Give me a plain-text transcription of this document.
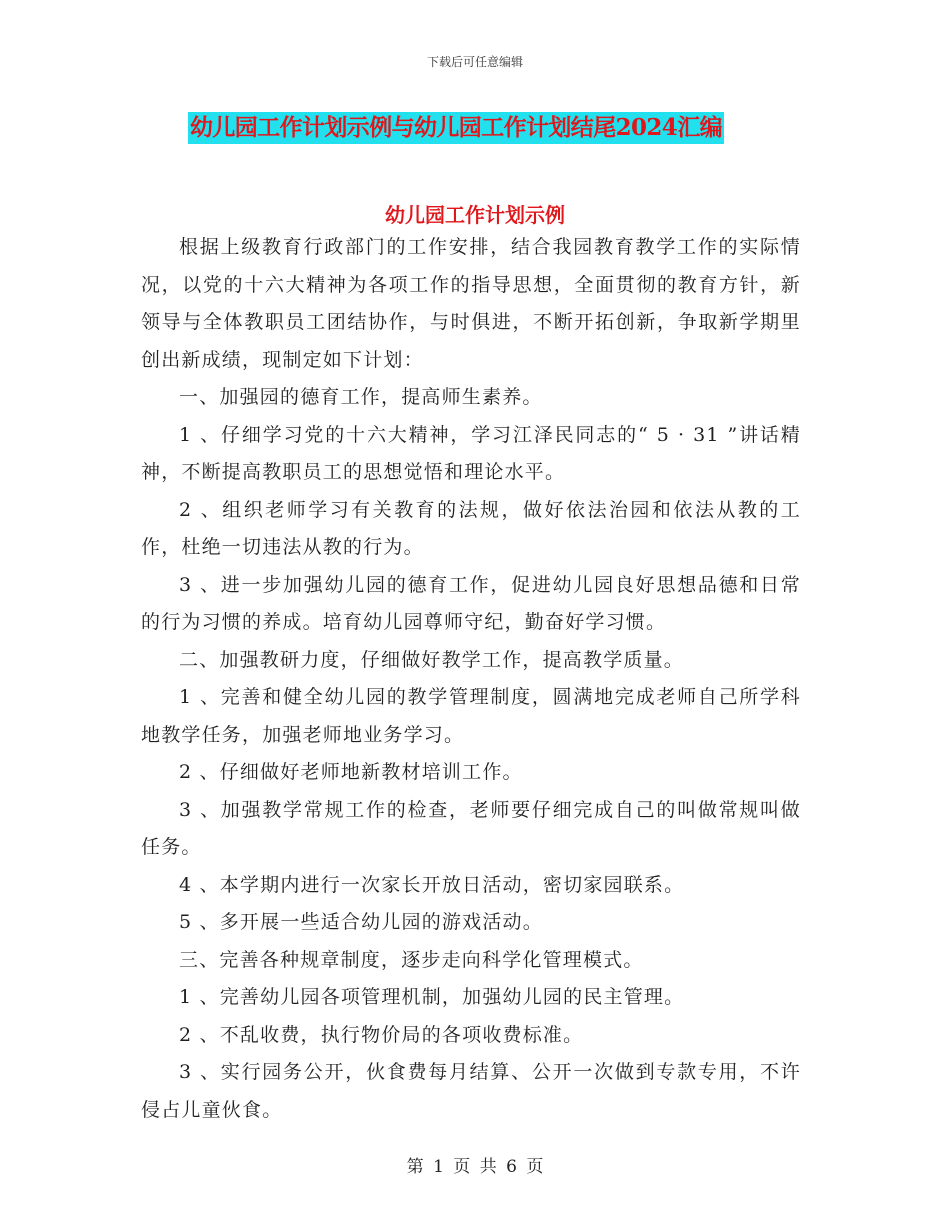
下载后可任意编辑
幼儿园工作计划示例与幼儿园工作计划结尾2024汇编
幼儿园工作计划示例

根据上级教育行政部门的工作安排，结合我园教育教学工作的实际情况，以党的十六大精神为各项工作的指导思想，全面贯彻的教育方针，新领导与全体教职员工团结协作，与时俱进，不断开拓创新，争取新学期里创出新成绩，现制定如下计划：

一、加强园的德育工作，提高师生素养。

1 、仔细学习党的十六大精神，学习江泽民同志的“ 5 · 31 ”讲话精神，不断提高教职员工的思想觉悟和理论水平。

2 、组织老师学习有关教育的法规，做好依法治园和依法从教的工作，杜绝一切违法从教的行为。

3 、进一步加强幼儿园的德育工作，促进幼儿园良好思想品德和日常的行为习惯的养成。培育幼儿园尊师守纪，勤奋好学习惯。

二、加强教研力度，仔细做好教学工作，提高教学质量。

1 、完善和健全幼儿园的教学管理制度，圆满地完成老师自己所学科地教学任务，加强老师地业务学习。

2 、仔细做好老师地新教材培训工作。

3 、加强教学常规工作的检查，老师要仔细完成自己的叫做常规叫做任务。

4 、本学期内进行一次家长开放日活动，密切家园联系。

5 、多开展一些适合幼儿园的游戏活动。

三、完善各种规章制度，逐步走向科学化管理模式。

1 、完善幼儿园各项管理机制，加强幼儿园的民主管理。

2 、不乱收费，执行物价局的各项收费标准。

3 、实行园务公开，伙食费每月结算、公开一次做到专款专用，不许侵占儿童伙食。

第 1 页 共 6 页
